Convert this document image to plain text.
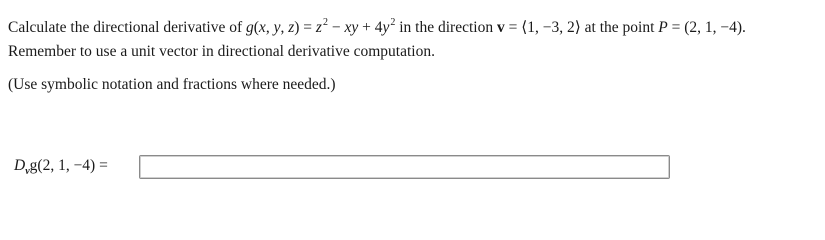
Calculate the directional derivative of g(x, y, $z) = z^2$ − xy + $4y^2$ in the direction v = ⟨1, −3, 2⟩ at the point P = (2, 1, −4).
Remember to use a unit vector in directional derivative computation.
(Use symbolic notation and fractions where needed.)
$D_vg(2$, 1, −4) =
